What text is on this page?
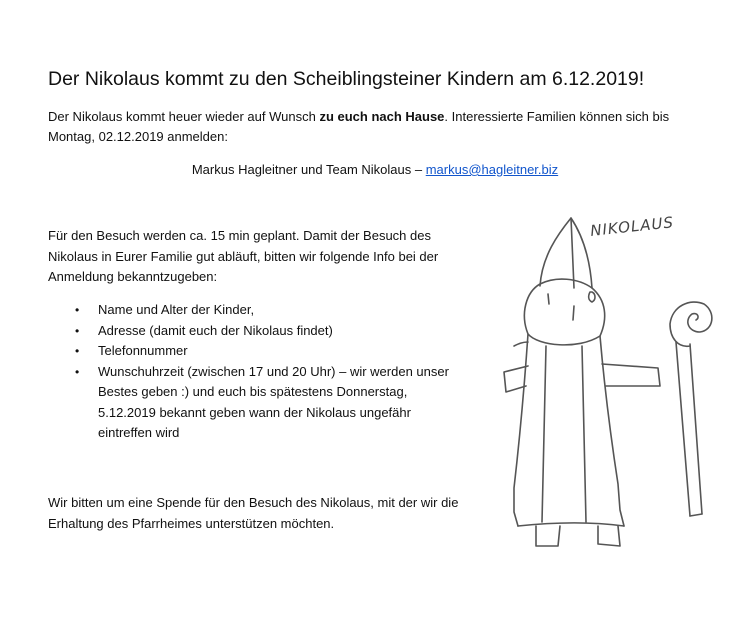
Der Nikolaus kommt zu den Scheiblingsteiner Kindern am 6.12.2019!
Der Nikolaus kommt heuer wieder auf Wunsch zu euch nach Hause. Interessierte Familien können sich bis Montag, 02.12.2019 anmelden:
Markus Hagleitner und Team Nikolaus – markus@hagleitner.biz
Für den Besuch werden ca. 15 min geplant. Damit der Besuch des Nikolaus in Eurer Familie gut abläuft, bitten wir folgende Info bei der Anmeldung bekanntzugeben:
• Name und Alter der Kinder,
• Adresse (damit euch der Nikolaus findet)
• Telefonnummer
• Wunschuhrzeit (zwischen 17 und 20 Uhr) – wir werden unser Bestes geben :) und euch bis spätestens Donnerstag, 5.12.2019 bekannt geben wann der Nikolaus ungefähr eintreffen wird
Wir bitten um eine Spende für den Besuch des Nikolaus, mit der wir die Erhaltung des Pfarrheimes unterstützen möchten.
NIKOLAUS
